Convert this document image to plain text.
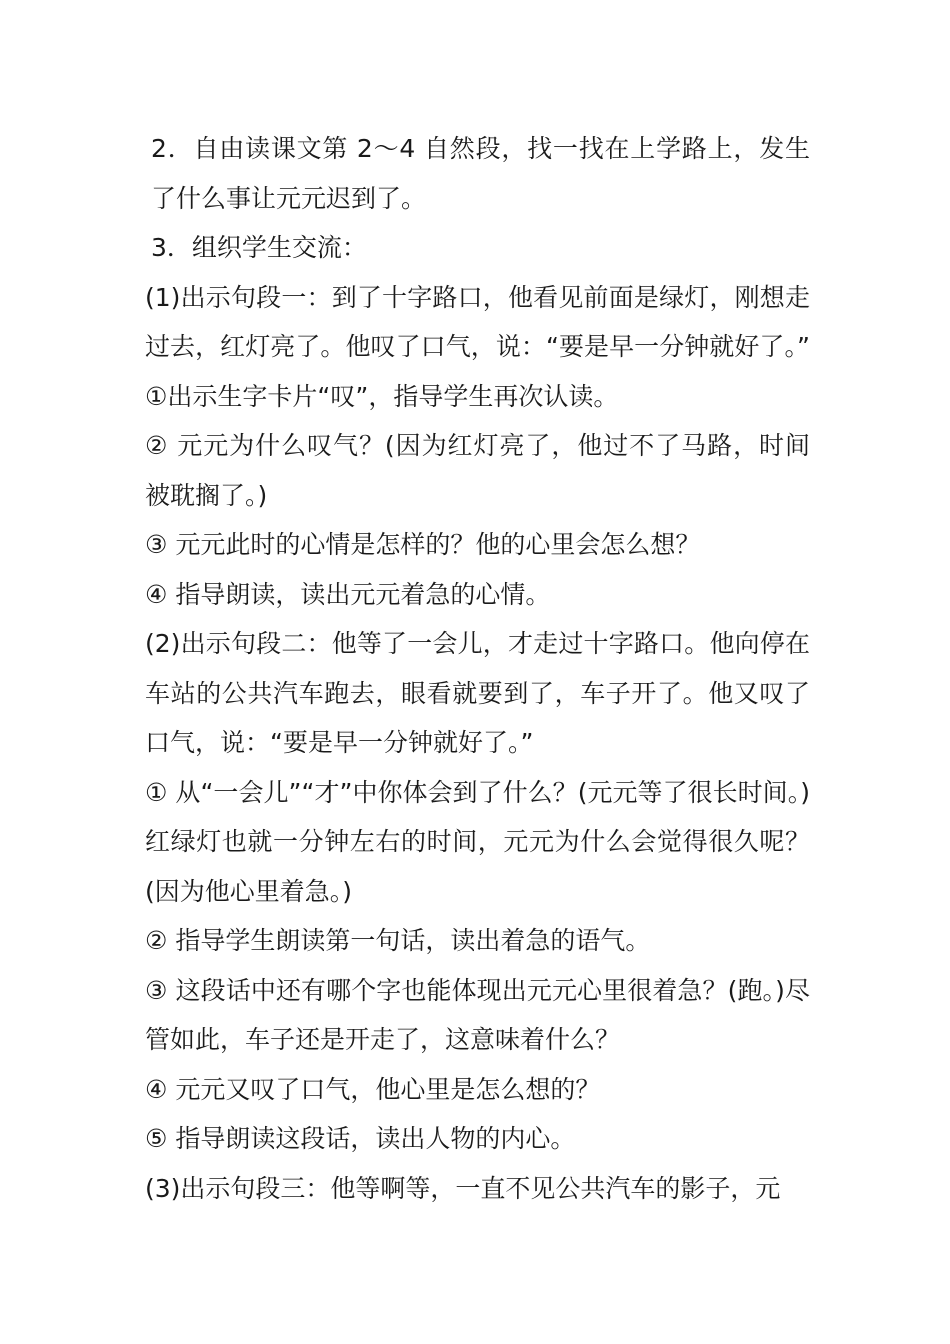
2．自由读课文第 2～4 自然段，找一找在上学路上，发生了什么事让元元迟到了。

3．组织学生交流：

(1)出示句段一：到了十字路口，他看见前面是绿灯，刚想走过去，红灯亮了。他叹了口气，说：“要是早一分钟就好了。” ①出示生字卡片“叹”，指导学生再次认读。

② 元元为什么叹气？(因为红灯亮了，他过不了马路，时间被耽搁了。)

③ 元元此时的心情是怎样的？他的心里会怎么想？

④ 指导朗读，读出元元着急的心情。

(2)出示句段二：他等了一会儿，才走过十字路口。他向停在车站的公共汽车跑去，眼看就要到了，车子开了。他又叹了口气，说：“要是早一分钟就好了。”

① 从“一会儿”“才”中你体会到了什么？(元元等了很长时间。)红绿灯也就一分钟左右的时间，元元为什么会觉得很久呢？(因为他心里着急。)

② 指导学生朗读第一句话，读出着急的语气。

③ 这段话中还有哪个字也能体现出元元心里很着急？(跑。)尽管如此，车子还是开走了，这意味着什么？

④ 元元又叹了口气，他心里是怎么想的？

⑤ 指导朗读这段话，读出人物的内心。

(3)出示句段三：他等啊等，一直不见公共汽车的影子，元
